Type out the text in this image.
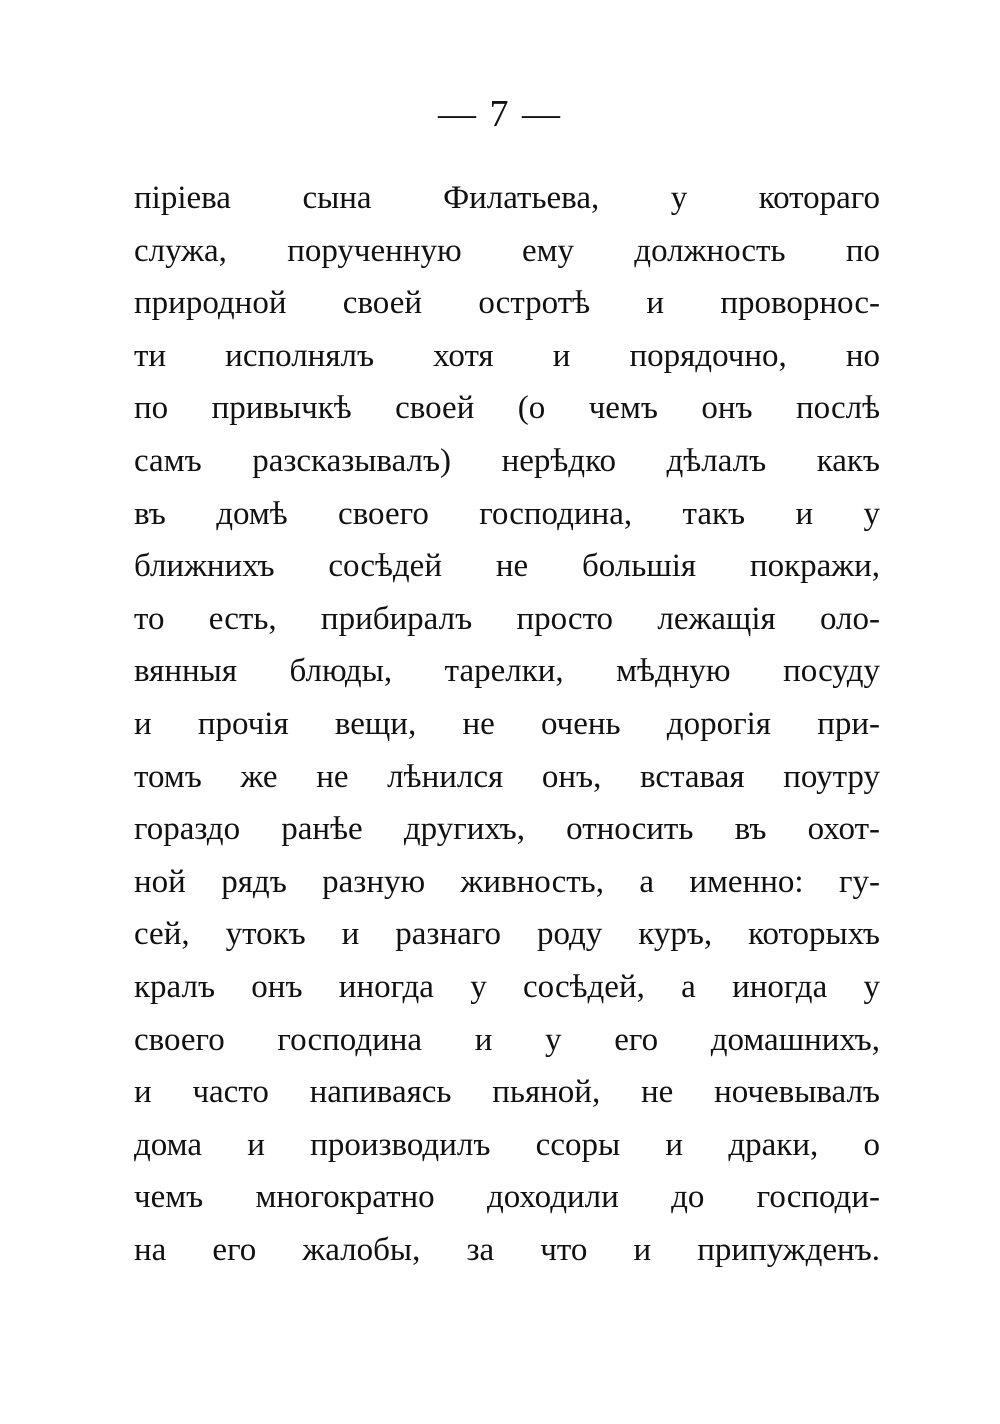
— 7 —
піріева сына Филатьева, у котораго
служа, порученную ему должность по
природной своей остротѣ и проворнос-
ти исполнялъ хотя и порядочно, но
по привычкѣ своей (о чемъ онъ послѣ
самъ разсказывалъ) нерѣдко дѣлалъ какъ
въ домѣ своего господина, такъ и у
ближнихъ сосѣдей не большія покражи,
то есть, прибиралъ просто лежащія оло-
вянныя блюды, тарелки, мѣдную посуду
и прочія вещи, не очень дорогія при-
томъ же не лѣнился онъ, вставая поутру
гораздо ранѣе другихъ, относить въ охот-
ной рядъ разную живность, а именно: гу-
сей, утокъ и разнаго роду куръ, которыхъ
кралъ онъ иногда у сосѣдей, а иногда у
своего господина и у его домашнихъ,
и часто напиваясь пьяной, не ночевывалъ
дома и производилъ ссоры и драки, о
чемъ многократно доходили до господи-
на его жалобы, за что и припужденъ.
